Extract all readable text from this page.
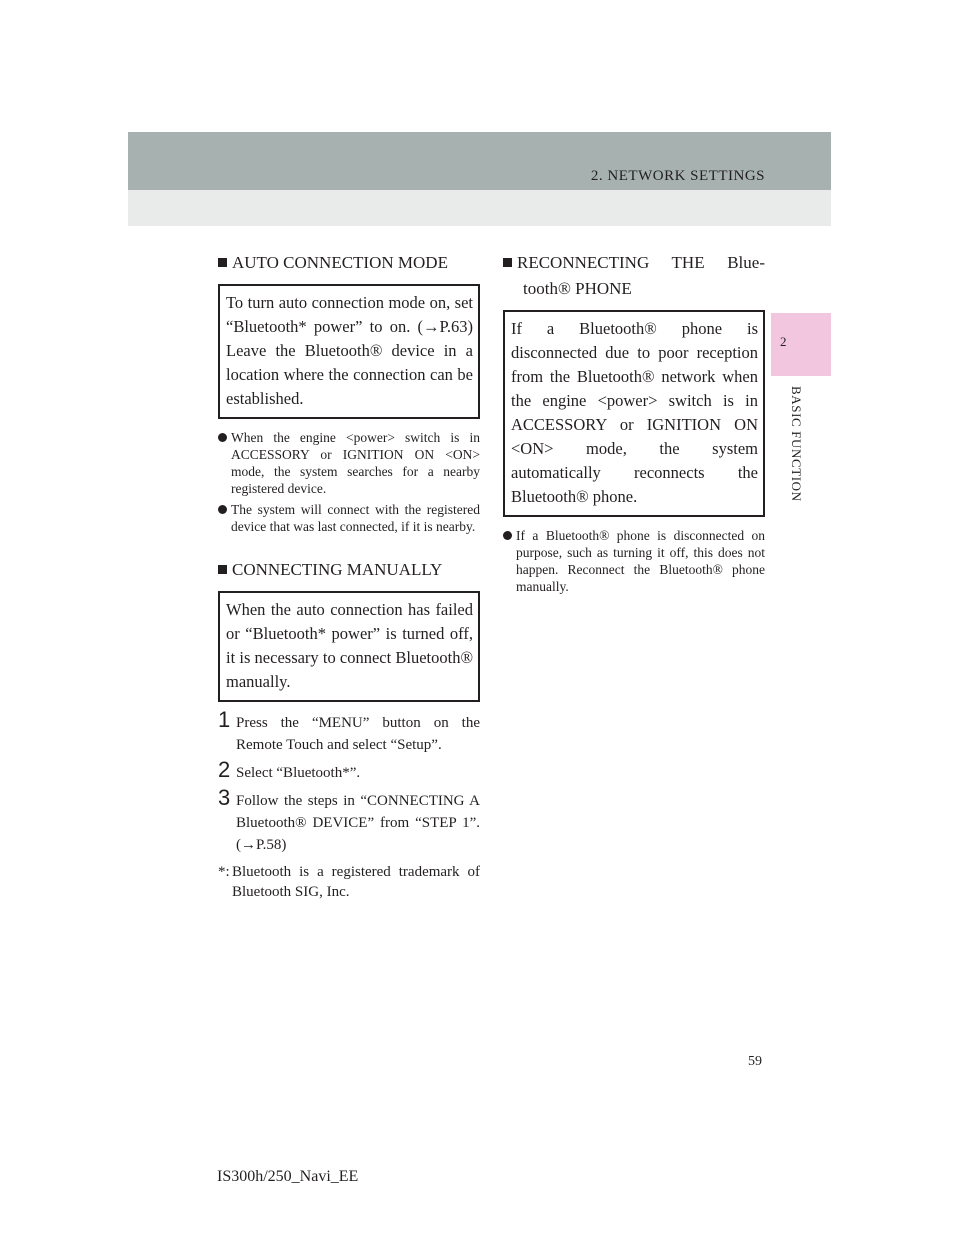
2. NETWORK SETTINGS
2
BASIC FUNCTION
AUTO CONNECTION MODE
To turn auto connection mode on, set “Bluetooth* power” to on. (→P.63) Leave the Bluetooth® device in a location where the connection can be established.
When the engine <power> switch is in ACCESSORY or IGNITION ON <ON> mode, the system searches for a nearby registered device.
The system will connect with the registered device that was last connected, if it is nearby.
CONNECTING MANUALLY
When the auto connection has failed or “Bluetooth* power” is turned off, it is necessary to connect Bluetooth® manually.
1 Press the “MENU” button on the Remote Touch and select “Setup”.
2 Select “Bluetooth*”.
3 Follow the steps in “CONNECTING A Bluetooth® DEVICE” from “STEP 1”. (→P.58)
*: Bluetooth is a registered trademark of Bluetooth SIG, Inc.
RECONNECTING THE Blue-
tooth® PHONE
If a Bluetooth® phone is disconnected due to poor reception from the Bluetooth® network when the engine <power> switch is in ACCESSORY or IGNITION ON <ON> mode, the system automatically reconnects the Bluetooth® phone.
If a Bluetooth® phone is disconnected on purpose, such as turning it off, this does not happen. Reconnect the Bluetooth® phone manually.
59
IS300h/250_Navi_EE
